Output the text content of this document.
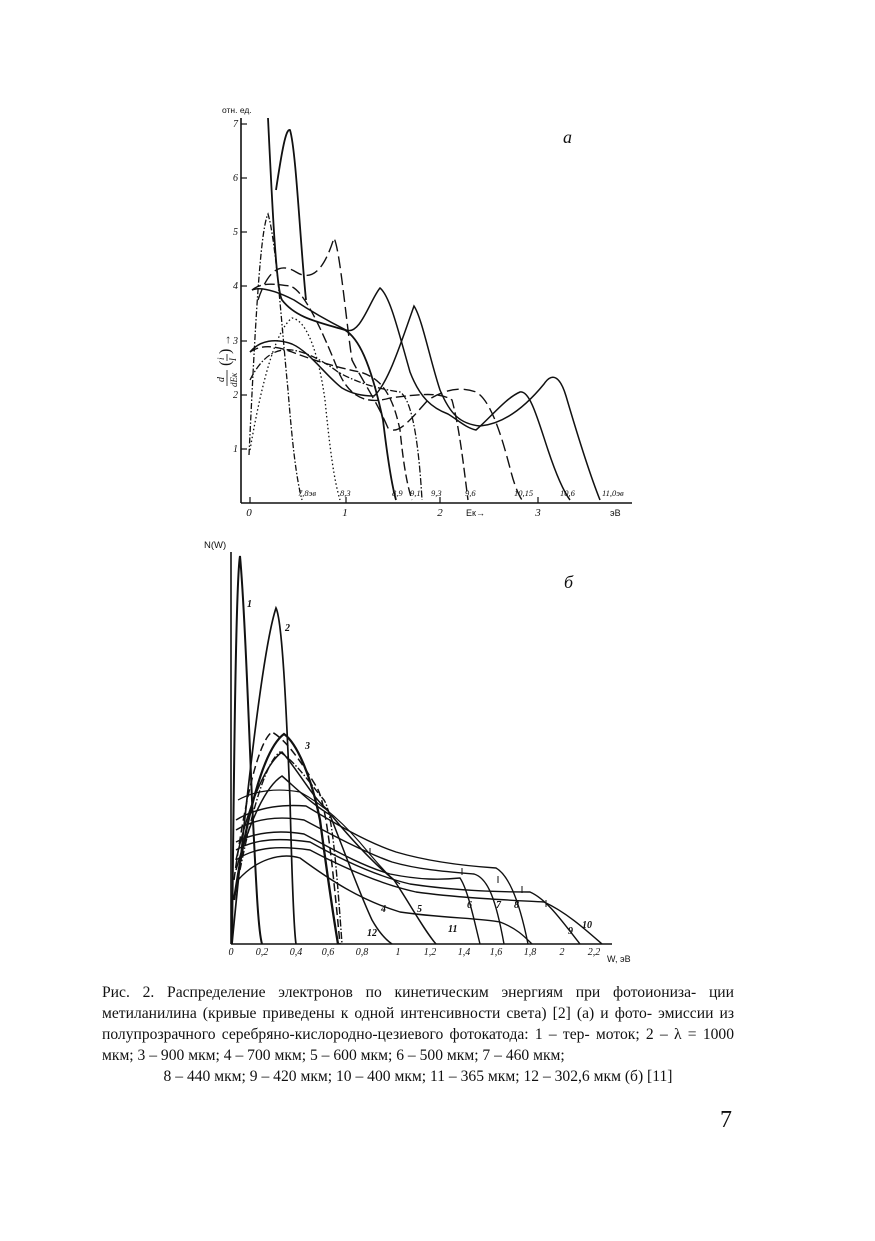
d dEк
(
i I
)
→
отн. ед.
а
1
2
3
4
5
6
7
0	1	2	3
Eк→	эВ
7,8эв	8,3	8,9 9,1 9,3	9,6	10,15	10,6	11,0эв
N(W)
б
W, эВ
0 0,2 0,4 0,6 0,8	1 1,2 1,4 1,6 1,8 2 2,2
1
2
3
4	5	6 7 8
9
10
11
12
Рис. 2. Распределение электронов по кинетическим энергиям при фотоиониза- ции метиланилина (кривые приведены к одной интенсивности света) [2] (а) и фото- эмиссии из полупрозрачного серебряно-кислородно-цезиевого фотокатода: 1 – тер- моток; 2 – λ = 1000 мкм; 3 – 900 мкм; 4 – 700 мкм; 5 – 600 мкм; 6 – 500 мкм; 7 – 460 мкм;
8 – 440 мкм; 9 – 420 мкм; 10 – 400 мкм; 11 – 365 мкм; 12 – 302,6 мкм (б) [11]
7
